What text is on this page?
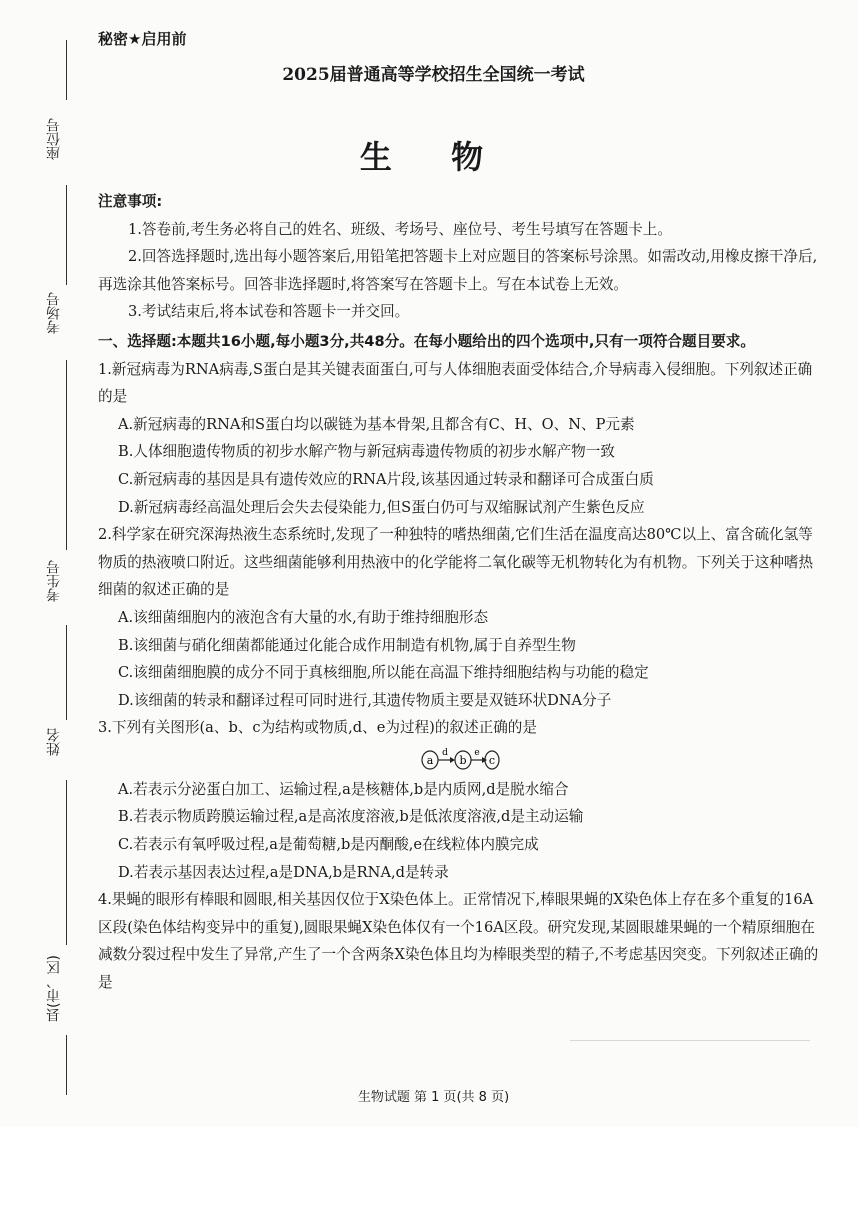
座位号
考场号
考生号
姓名
县(市、区)
秘密★启用前
2025届普通高等学校招生全国统一考试
生 物

注意事项:

1.答卷前,考生务必将自己的姓名、班级、考场号、座位号、考生号填写在答题卡上。

2.回答选择题时,选出每小题答案后,用铅笔把答题卡上对应题目的答案标号涂黑。如需改动,用橡皮擦干净后,再选涂其他答案标号。回答非选择题时,将答案写在答题卡上。写在本试卷上无效。

3.考试结束后,将本试卷和答题卡一并交回。

一、选择题:本题共16小题,每小题3分,共48分。在每小题给出的四个选项中,只有一项符合题目要求。

1.新冠病毒为RNA病毒,S蛋白是其关键表面蛋白,可与人体细胞表面受体结合,介导病毒入侵细胞。下列叙述正确的是

A.新冠病毒的RNA和S蛋白均以碳链为基本骨架,且都含有C、H、O、N、P元素

B.人体细胞遗传物质的初步水解产物与新冠病毒遗传物质的初步水解产物一致

C.新冠病毒的基因是具有遗传效应的RNA片段,该基因通过转录和翻译可合成蛋白质

D.新冠病毒经高温处理后会失去侵染能力,但S蛋白仍可与双缩脲试剂产生紫色反应

2.科学家在研究深海热液生态系统时,发现了一种独特的嗜热细菌,它们生活在温度高达80℃以上、富含硫化氢等物质的热液喷口附近。这些细菌能够利用热液中的化学能将二氧化碳等无机物转化为有机物。下列关于这种嗜热细菌的叙述正确的是

A.该细菌细胞内的液泡含有大量的水,有助于维持细胞形态

B.该细菌与硝化细菌都能通过化能合成作用制造有机物,属于自养型生物

C.该细菌细胞膜的成分不同于真核细胞,所以能在高温下维持细胞结构与功能的稳定

D.该细菌的转录和翻译过程可同时进行,其遗传物质主要是双链环状DNA分子

3.下列有关图形(a、b、c为结构或物质,d、e为过程)的叙述正确的是

a
d
b
e
c

A.若表示分泌蛋白加工、运输过程,a是核糖体,b是内质网,d是脱水缩合

B.若表示物质跨膜运输过程,a是高浓度溶液,b是低浓度溶液,d是主动运输

C.若表示有氧呼吸过程,a是葡萄糖,b是丙酮酸,e在线粒体内膜完成

D.若表示基因表达过程,a是DNA,b是RNA,d是转录

4.果蝇的眼形有棒眼和圆眼,相关基因仅位于X染色体上。正常情况下,棒眼果蝇的X染色体上存在多个重复的16A区段(染色体结构变异中的重复),圆眼果蝇X染色体仅有一个16A区段。研究发现,某圆眼雄果蝇的一个精原细胞在减数分裂过程中发生了异常,产生了一个含两条X染色体且均为棒眼类型的精子,不考虑基因突变。下列叙述正确的是

生物试题 第 1 页(共 8 页)
